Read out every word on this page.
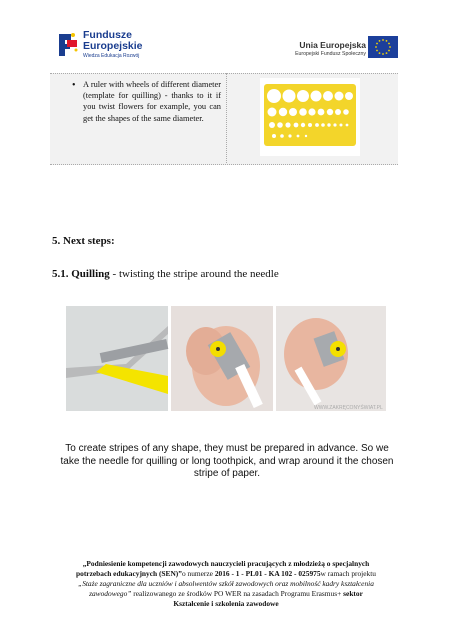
Fundusze
Europejskie
Wiedza Edukacja Rozwój
Unia Europejska
Europejski Fundusz Społeczny
• A ruler with wheels of different diameter (template for quilling) - thanks to it if you twist flowers for example, you can get the shapes of the same diameter.
5. Next steps:
5.1. Quilling - twisting the stripe around the needle
WWW.ZAKRĘCONYŚWIAT.PL
To create stripes of any shape, they must be prepared in advance. So we take the needle for quilling or long toothpick, and wrap around it the chosen stripe of paper.
„Podniesienie kompetencji zawodowych nauczycieli pracujących z młodzieżą o specjalnych
potrzebach edukacyjnych (SEN)”o numerze 2016 - 1 - PL01 - KA 102 - 025975w ramach projektu
„Staże zagraniczne dla uczniów i absolwentów szkół zawodowych oraz mobilność kadry kształcenia
zawodowego” realizowanego ze środków PO WER na zasadach Programu Erasmus+ sektor
Kształcenie i szkolenia zawodowe
